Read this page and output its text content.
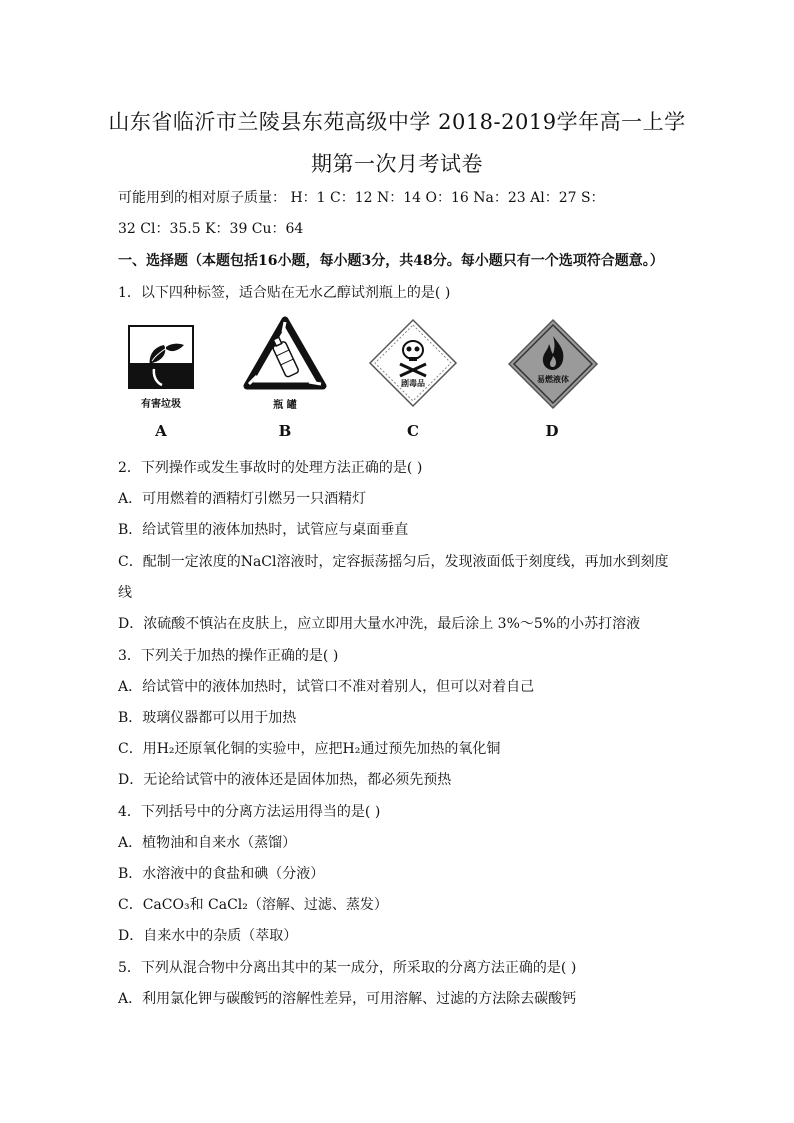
山东省临沂市兰陵县东苑高级中学 2018-2019学年高一上学
期第一次月考试卷
可能用到的相对原子质量： H：1 C：12 N：14 O：16 Na：23 Al：27 S：
32 Cl：35.5 K：39 Cu：64
一、选择题（本题包括16小题，每小题3分，共48分。每小题只有一个选项符合题意。）
1．以下四种标签，适合贴在无水乙醇试剂瓶上的是( )
有害垃圾
A
瓶 罐
B
剧毒品
C
易燃液体
D
2．下列操作或发生事故时的处理方法正确的是( )
A．可用燃着的酒精灯引燃另一只酒精灯
B．给试管里的液体加热时，试管应与桌面垂直
C．配制一定浓度的NaCl溶液时，定容振荡摇匀后，发现液面低于刻度线，再加水到刻度
线
D．浓硫酸不慎沾在皮肤上，应立即用大量水冲洗，最后涂上 3%～5%的小苏打溶液
3．下列关于加热的操作正确的是( )
A．给试管中的液体加热时，试管口不准对着别人，但可以对着自己
B．玻璃仪器都可以用于加热
C．用H₂还原氧化铜的实验中，应把H₂通过预先加热的氧化铜
D．无论给试管中的液体还是固体加热，都必须先预热
4．下列括号中的分离方法运用得当的是( )
A．植物油和自来水（蒸馏）
B．水溶液中的食盐和碘（分液）
C．CaCO₃和 CaCl₂（溶解、过滤、蒸发）
D．自来水中的杂质（萃取）
5．下列从混合物中分离出其中的某一成分，所采取的分离方法正确的是( )
A．利用氯化钾与碳酸钙的溶解性差异，可用溶解、过滤的方法除去碳酸钙
